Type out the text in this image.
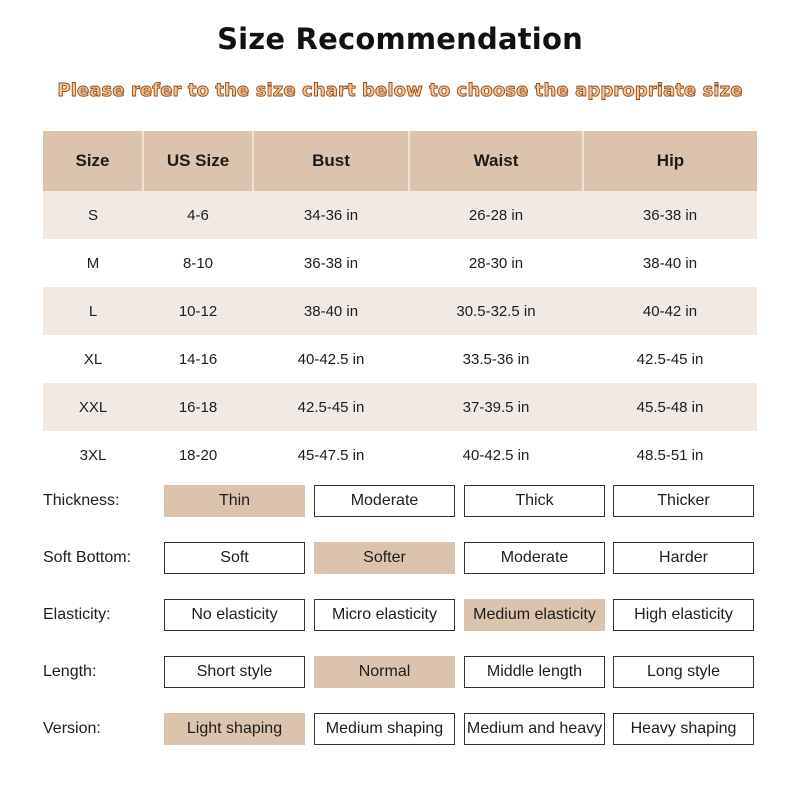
Size Recommendation
Please refer to the size chart below to choose the appropriate size
Size	US Size	Bust	Waist	Hip
S	4-6	34-36 in	26-28 in	36-38 in
M	8-10	36-38 in	28-30 in	38-40 in
L	10-12	38-40 in	30.5-32.5 in	40-42 in
XL	14-16	40-42.5 in	33.5-36 in	42.5-45 in
XXL	16-18	42.5-45 in	37-39.5 in	45.5-48 in
3XL	18-20	45-47.5 in	40-42.5 in	48.5-51 in
Thickness:	Thin	Moderate	Thick	Thicker
Soft Bottom:	Soft	Softer	Moderate	Harder
Elasticity:	No elasticity	Micro elasticity	Medium elasticity	High elasticity
Length:	Short style	Normal	Middle length	Long style
Version:	Light shaping	Medium shaping	Medium and heavy	Heavy shaping
